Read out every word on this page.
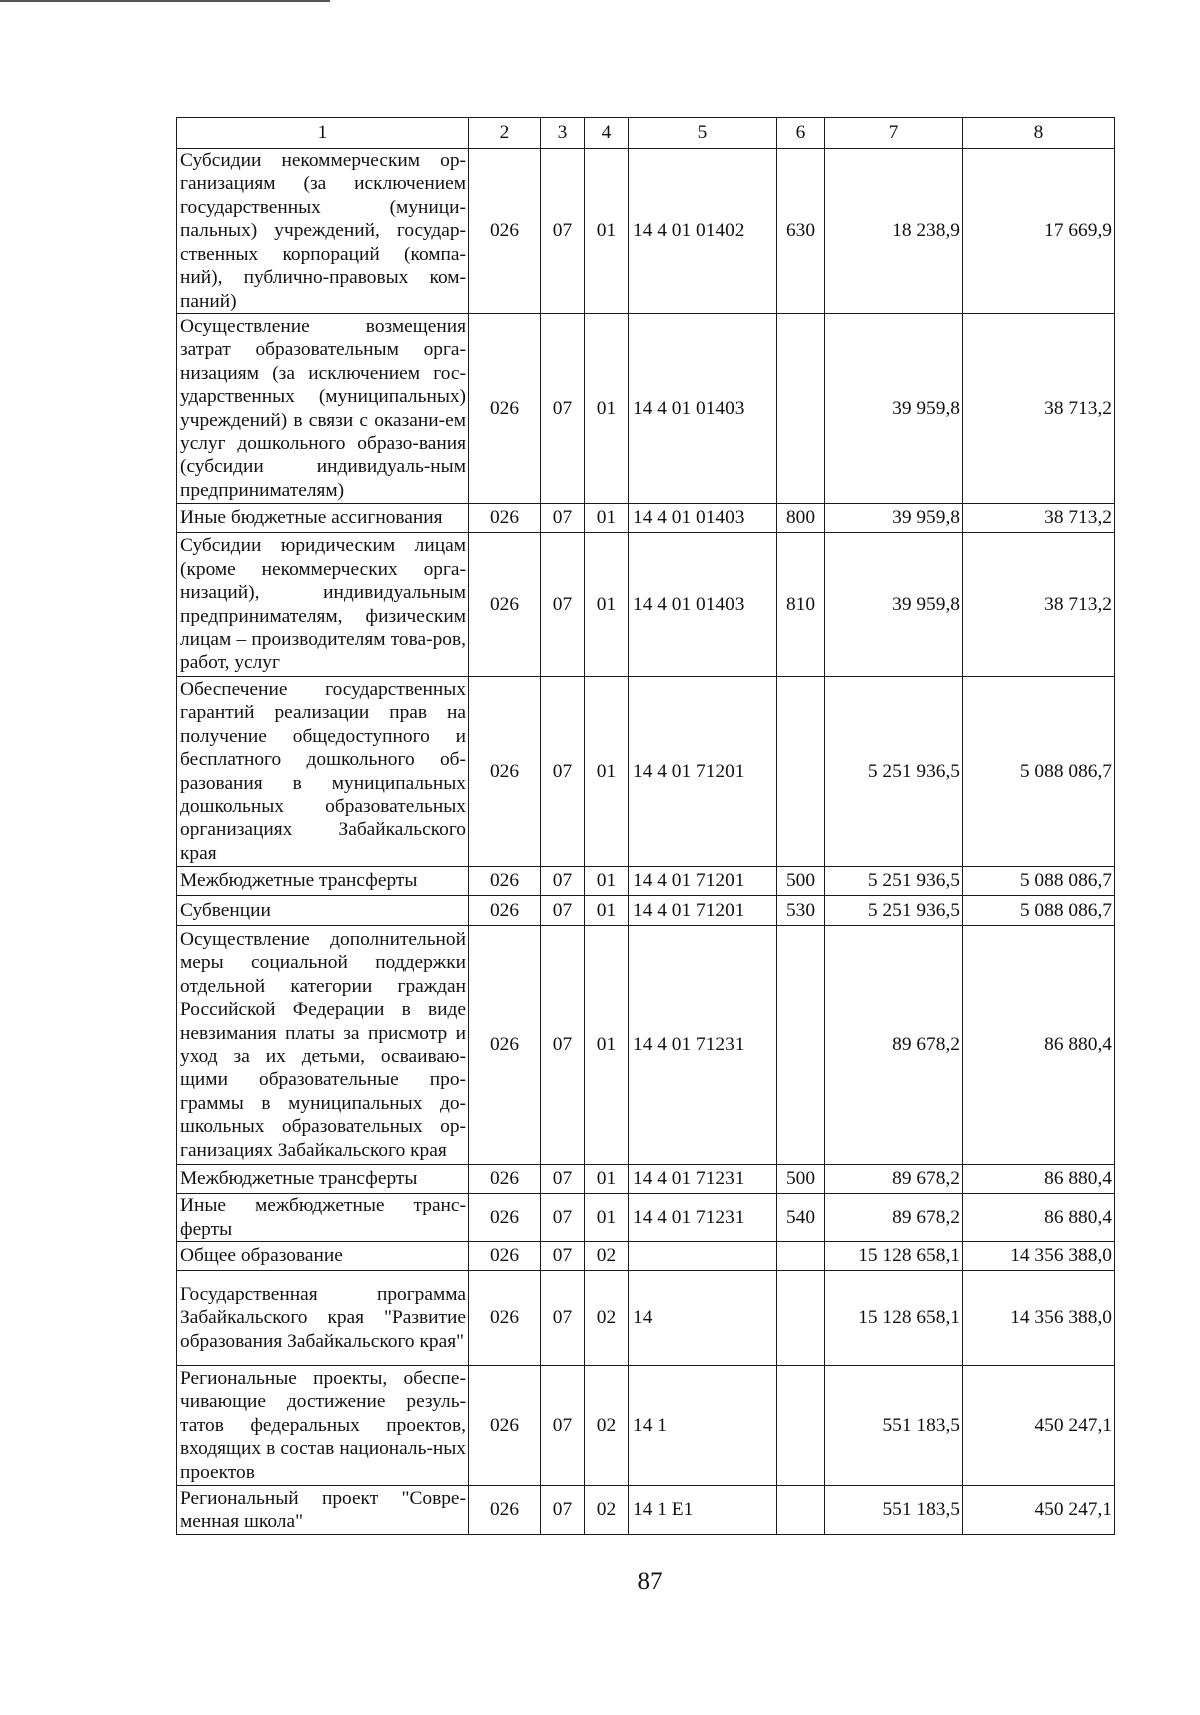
1	2	3	4	5	6	7	8
Субсидии некоммерческим ор-ганизациям (за исключением государственных (муници-пальных) учреждений, государ-ственных корпораций (компа-ний), публично-правовых ком-паний)	026	07	01	14 4 01 01402	630	18 238,9	17 669,9
Осуществление возмещения затрат образовательным орга-низациям (за исключением гос-ударственных (муниципальных) учреждений) в связи с оказани-ем услуг дошкольного образо-вания (субсидии индивидуаль-ным предпринимателям)	026	07	01	14 4 01 01403		39 959,8	38 713,2
Иные бюджетные ассигнования	026	07	01	14 4 01 01403	800	39 959,8	38 713,2
Субсидии юридическим лицам (кроме некоммерческих орга-низаций), индивидуальным предпринимателям, физическим лицам – производителям това-ров, работ, услуг	026	07	01	14 4 01 01403	810	39 959,8	38 713,2
Обеспечение государственных гарантий реализации прав на получение общедоступного и бесплатного дошкольного об-разования в муниципальных дошкольных образовательных организациях Забайкальского края	026	07	01	14 4 01 71201		5 251 936,5	5 088 086,7
Межбюджетные трансферты	026	07	01	14 4 01 71201	500	5 251 936,5	5 088 086,7
Субвенции	026	07	01	14 4 01 71201	530	5 251 936,5	5 088 086,7
Осуществление дополнительной меры социальной поддержки отдельной категории граждан Российской Федерации в виде невзимания платы за присмотр и уход за их детьми, осваиваю-щими образовательные про-граммы в муниципальных до-школьных образовательных ор-ганизациях Забайкальского края	026	07	01	14 4 01 71231		89 678,2	86 880,4
Межбюджетные трансферты	026	07	01	14 4 01 71231	500	89 678,2	86 880,4
Иные межбюджетные транс-ферты	026	07	01	14 4 01 71231	540	89 678,2	86 880,4
Общее образование	026	07	02			15 128 658,1	14 356 388,0
Государственная программа Забайкальского края "Развитие образования Забайкальского края"	026	07	02	14		15 128 658,1	14 356 388,0
Региональные проекты, обеспе-чивающие достижение резуль-татов федеральных проектов, входящих в состав националь-ных проектов	026	07	02	14 1		551 183,5	450 247,1
Региональный проект "Совре-менная школа"	026	07	02	14 1 E1		551 183,5	450 247,1
87
